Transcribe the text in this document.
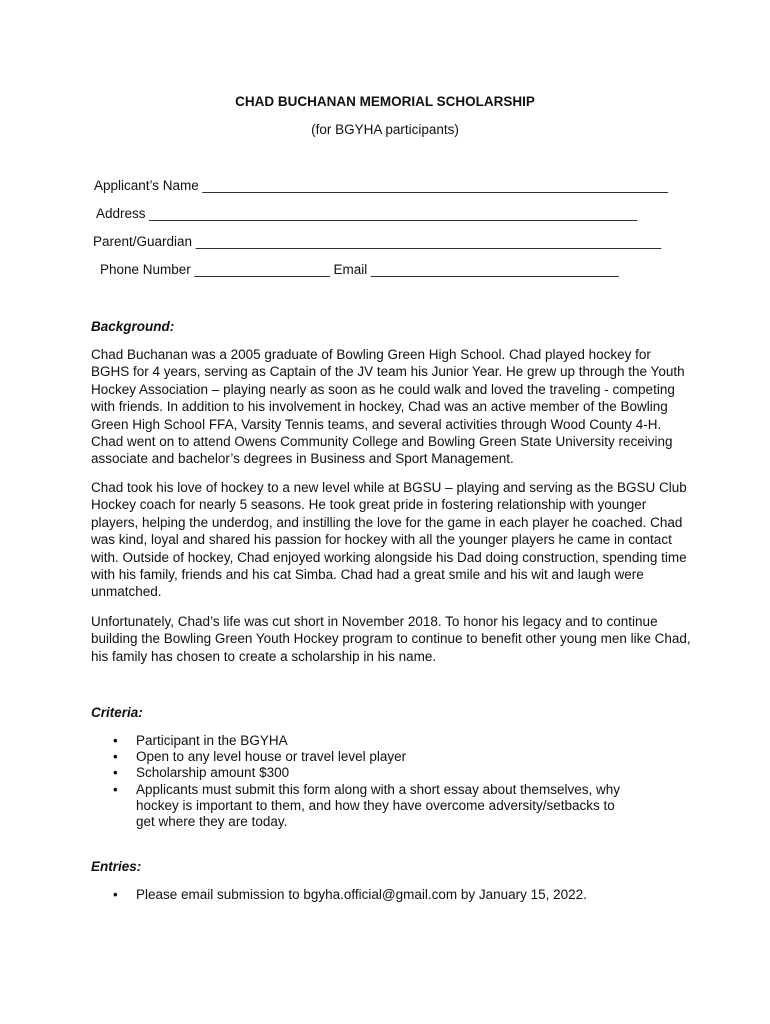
CHAD BUCHANAN MEMORIAL SCHOLARSHIP
(for BGYHA participants)
Applicant’s Name ______________________________________________________________
Address _________________________________________________________________
Parent/Guardian ______________________________________________________________
Phone Number __________________ Email _________________________________
Background:

Chad Buchanan was a 2005 graduate of Bowling Green High School. Chad played hockey for BGHS for 4 years, serving as Captain of the JV team his Junior Year. He grew up through the Youth Hockey Association – playing nearly as soon as he could walk and loved the traveling - competing with friends. In addition to his involvement in hockey, Chad was an active member of the Bowling Green High School FFA, Varsity Tennis teams, and several activities through Wood County 4-H. Chad went on to attend Owens Community College and Bowling Green State University receiving associate and bachelor’s degrees in Business and Sport Management.

Chad took his love of hockey to a new level while at BGSU – playing and serving as the BGSU Club Hockey coach for nearly 5 seasons. He took great pride in fostering relationship with younger players, helping the underdog, and instilling the love for the game in each player he coached. Chad was kind, loyal and shared his passion for hockey with all the younger players he came in contact with. Outside of hockey, Chad enjoyed working alongside his Dad doing construction, spending time with his family, friends and his cat Simba. Chad had a great smile and his wit and laugh were unmatched.

Unfortunately, Chad’s life was cut short in November 2018. To honor his legacy and to continue building the Bowling Green Youth Hockey program to continue to benefit other young men like Chad, his family has chosen to create a scholarship in his name.

Criteria:
• Participant in the BGYHA
• Open to any level house or travel level player
• Scholarship amount $300
• Applicants must submit this form along with a short essay about themselves, why hockey is important to them, and how they have overcome adversity/setbacks to get where they are today.
Entries:
• Please email submission to bgyha.official@gmail.com by January 15, 2022.
